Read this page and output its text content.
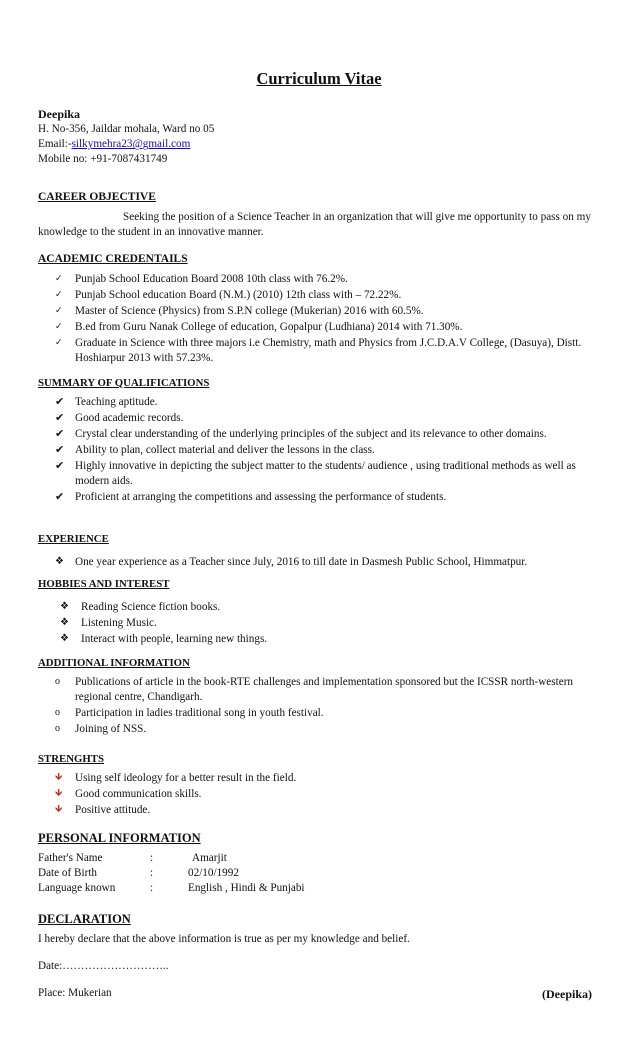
Curriculum Vitae
Deepika
H. No-356, Jaildar mohala, Ward no 05
Email:-silkymehra23@gmail.com
Mobile no: +91-7087431749
CAREER OBJECTIVE
Seeking the position of a Science Teacher in an organization that will give me opportunity to pass on my knowledge to the student in an innovative manner.
ACADEMIC CREDENTAILS
✓ Punjab School Education Board 2008 10th class with 76.2%.
✓ Punjab School education Board (N.M.) (2010) 12th class with – 72.22%.
✓ Master of Science (Physics) from S.P.N college (Mukerian) 2016 with 60.5%.
✓ B.ed from Guru Nanak College of education, Gopalpur (Ludhiana) 2014 with 71.30%.
✓ Graduate in Science with three majors i.e Chemistry, math and Physics from J.C.D.A.V College, (Dasuya), Distt. Hoshiarpur 2013 with 57.23%.
SUMMARY OF QUALIFICATIONS
✔ Teaching aptitude.
✔ Good academic records.
✔ Crystal clear understanding of the underlying principles of the subject and its relevance to other domains.
✔ Ability to plan, collect material and deliver the lessons in the class.
✔ Highly innovative in depicting the subject matter to the students/ audience , using traditional methods as well as modern aids.
✔ Proficient at arranging the competitions and assessing the performance of students.
EXPERIENCE
❖ One year experience as a Teacher since July, 2016 to till date in Dasmesh Public School, Himmatpur.
HOBBIES AND INTEREST
❖ Reading Science fiction books.
❖ Listening Music.
❖ Interact with people, learning new things.
ADDITIONAL INFORMATION
o Publications of article in the book-RTE challenges and implementation sponsored but the ICSSR north-western regional centre, Chandigarh.
o Participation in ladies traditional song in youth festival.
o Joining of NSS.
STRENGHTS
🡻 Using self ideology for a better result in the field.
🡻 Good communication skills.
🡻 Positive attitude.
PERSONAL INFORMATION
Father's Name	:	Amarjit
Date of Birth	:	02/10/1992
Language known	:	English , Hindi & Punjabi
DECLARATION
I hereby declare that the above information is true as per my knowledge and belief.
Date:………………………..
Place: Mukerian	(Deepika)
